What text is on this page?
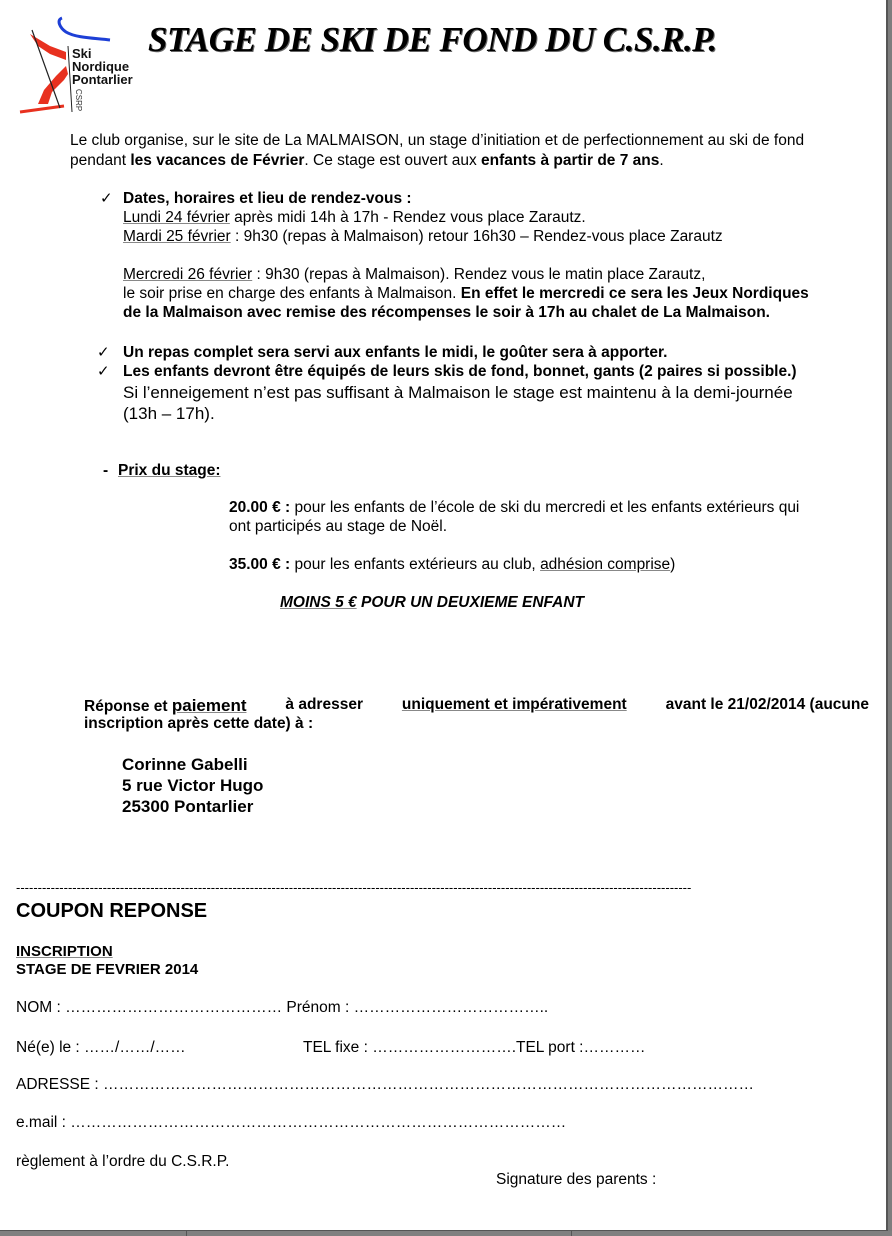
Ski
Nordique
Pontarlier
CSRP
STAGE DE SKI DE FOND DU C.S.R.P.
Le club organise, sur le site de La MALMAISON, un stage d’initiation et de perfectionnement au ski de fond
pendant les vacances de Février. Ce stage est ouvert aux enfants à partir de 7 ans.
✓ Dates, horaires et lieu de rendez-vous :
Lundi 24 février après midi 14h à 17h - Rendez vous place Zarautz.
Mardi 25 février : 9h30 (repas à Malmaison) retour 16h30 – Rendez-vous place Zarautz
Mercredi 26 février : 9h30 (repas à Malmaison). Rendez vous le matin place Zarautz,
le soir prise en charge des enfants à Malmaison. En effet le mercredi ce sera les Jeux Nordiques
de la Malmaison avec remise des récompenses le soir à 17h au chalet de La Malmaison.
✓ Un repas complet sera servi aux enfants le midi, le goûter sera à apporter.
✓ Les enfants devront être équipés de leurs skis de fond, bonnet, gants (2 paires si possible.)
Si l’enneigement n’est pas suffisant à Malmaison le stage est maintenu à la demi-journée
(13h – 17h).
- Prix du stage:
20.00 € : pour les enfants de l’école de ski du mercredi et les enfants extérieurs qui
ont participés au stage de Noël.
35.00 € : pour les enfants extérieurs au club, adhésion comprise)
MOINS 5 € POUR UN DEUXIEME ENFANT
Réponse et paiement	à adresser	uniquement et impérativement	avant le 21/02/2014 (aucune
inscription après cette date) à :
Corinne Gabelli
5 rue Victor Hugo
25300 Pontarlier
------------------------------------------------------------------------------------------------------------------------------------------------------------
COUPON REPONSE
INSCRIPTION
STAGE DE FEVRIER 2014
NOM : …………………………………… Prénom : ………………………………..
Né(e) le : ……/……/……	TEL fixe : ……………………….TEL port :…………
ADRESSE : ………………………………………………………………………………………………………………
e.mail : ……………………………………………………………………………………
règlement à l’ordre du C.S.R.P.
Signature des parents :
